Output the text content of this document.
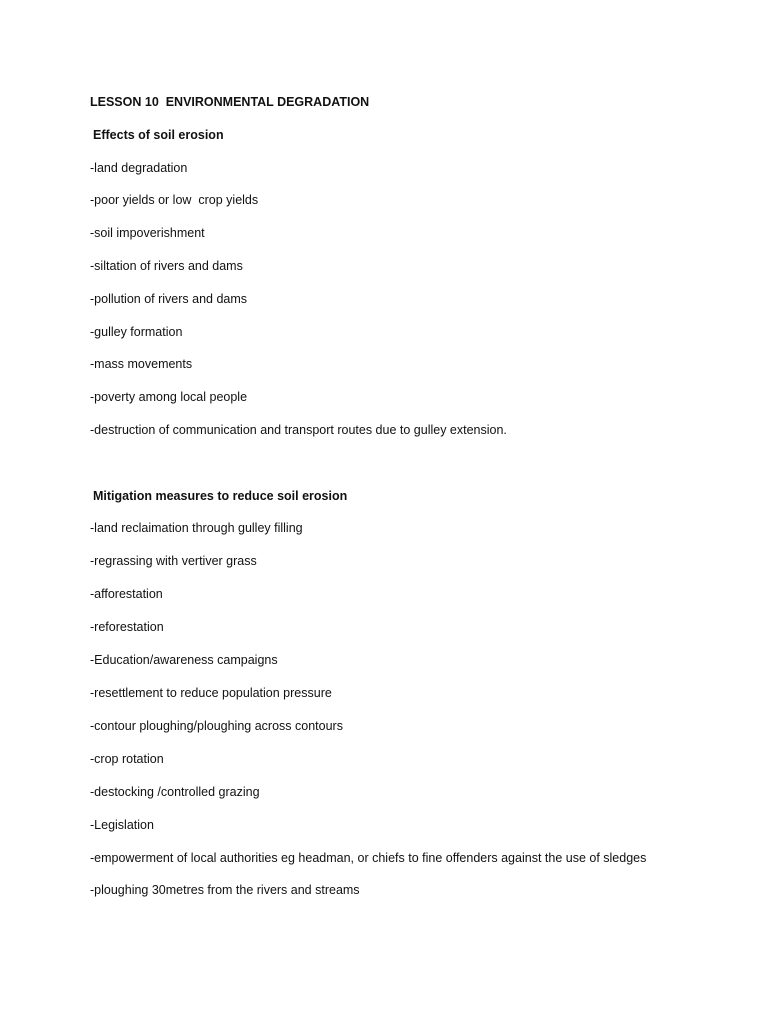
LESSON 10  ENVIRONMENTAL DEGRADATION
Effects of soil erosion
-land degradation
-poor yields or low  crop yields
-soil impoverishment
-siltation of rivers and dams
-pollution of rivers and dams
-gulley formation
-mass movements
-poverty among local people
-destruction of communication and transport routes due to gulley extension.
Mitigation measures to reduce soil erosion
-land reclaimation through gulley filling
-regrassing with vertiver grass
-afforestation
-reforestation
-Education/awareness campaigns
-resettlement to reduce population pressure
-contour ploughing/ploughing across contours
-crop rotation
-destocking /controlled grazing
-Legislation
-empowerment of local authorities eg headman, or chiefs to fine offenders against the use of sledges
-ploughing 30metres from the rivers and streams
